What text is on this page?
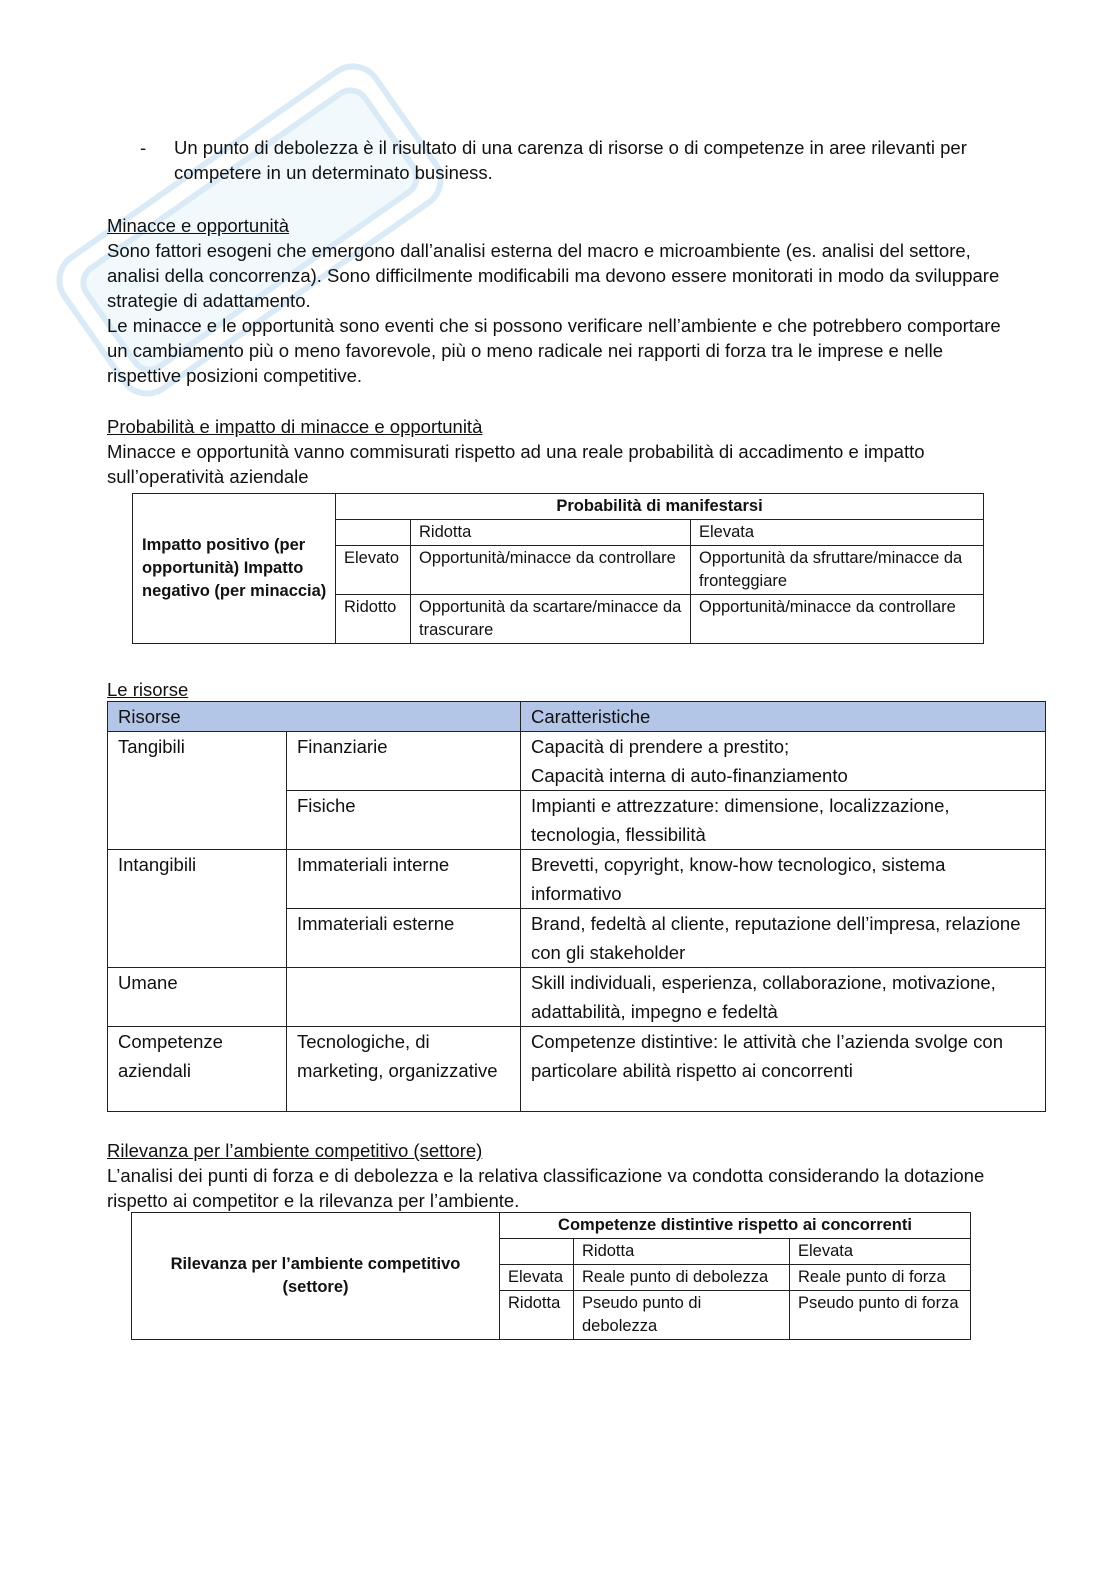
- Un punto di debolezza è il risultato di una carenza di risorse o di competenze in aree rilevanti per competere in un determinato business.
Minacce e opportunità
Sono fattori esogeni che emergono dall’analisi esterna del macro e microambiente (es. analisi del settore, analisi della concorrenza). Sono difficilmente modificabili ma devono essere monitorati in modo da sviluppare strategie di adattamento.
Le minacce e le opportunità sono eventi che si possono verificare nell’ambiente e che potrebbero comportare un cambiamento più o meno favorevole, più o meno radicale nei rapporti di forza tra le imprese e nelle rispettive posizioni competitive.
Probabilità e impatto di minacce e opportunità
Minacce e opportunità vanno commisurati rispetto ad una reale probabilità di accadimento e impatto sull’operatività aziendale
Impatto positivo (per opportunità) Impatto negativo (per minaccia)	Probabilità di manifestarsi		
		Ridotta	Elevata
	Elevato	Opportunità/minacce da controllare	Opportunità da sfruttare/minacce da fronteggiare
	Ridotto	Opportunità da scartare/minacce da trascurare	Opportunità/minacce da controllare
Le risorse
Risorse		Caratteristiche
Tangibili	Finanziarie	Capacità di prendere a prestito;
Capacità interna di auto-finanziamento

	Fisiche	Impianti e attrezzature: dimensione, localizzazione, tecnologia, flessibilità
Intangibili	Immateriali interne	Brevetti, copyright, know-how tecnologico, sistema informativo
	Immateriali esterne	Brand, fedeltà al cliente, reputazione dell’impresa, relazione con gli stakeholder
Umane		Skill individuali, esperienza, collaborazione, motivazione, adattabilità, impegno e fedeltà
Competenze aziendali	Tecnologiche, di marketing, organizzative	Competenze distintive: le attività che l’azienda svolge con particolare abilità rispetto ai concorrenti
Rilevanza per l’ambiente competitivo (settore)
L’analisi dei punti di forza e di debolezza e la relativa classificazione va condotta considerando la dotazione rispetto ai competitor e la rilevanza per l’ambiente.
Rilevanza per l’ambiente competitivo (settore)	Competenze distintive rispetto ai concorrenti		
		Ridotta	Elevata
	Elevata	Reale punto di debolezza	Reale punto di forza
	Ridotta	Pseudo punto di debolezza	Pseudo punto di forza
